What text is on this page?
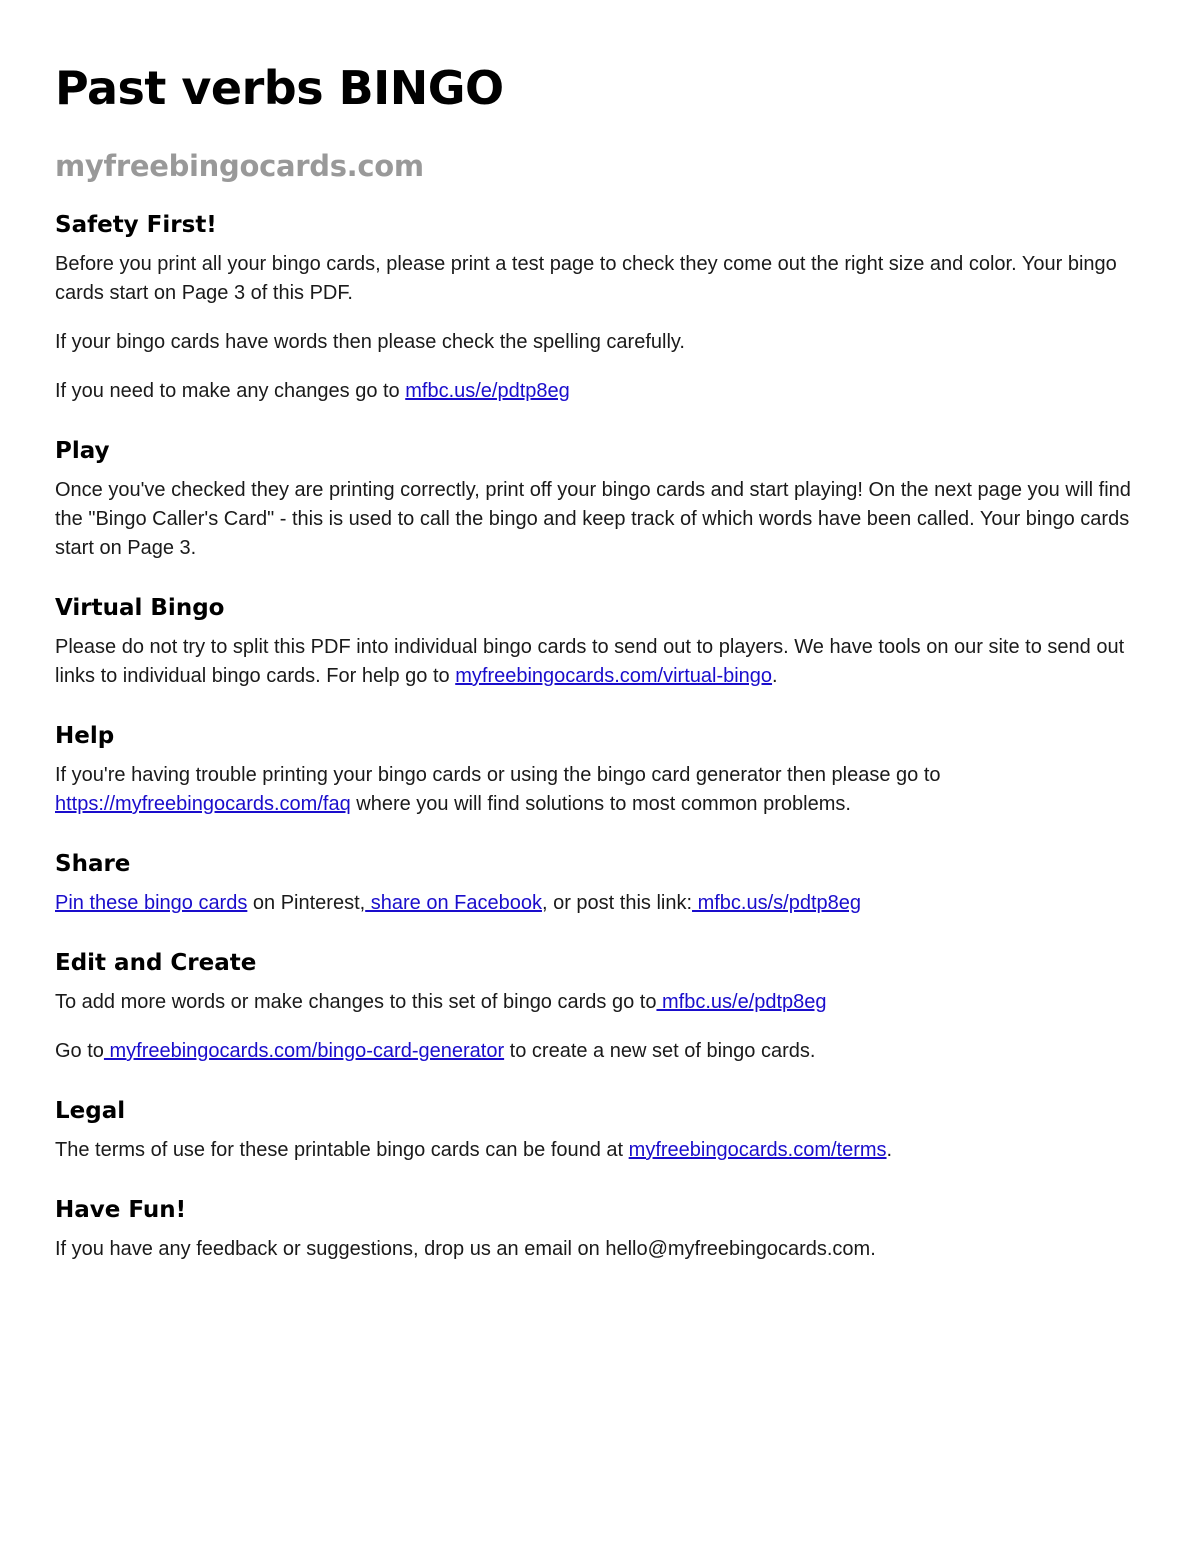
Past verbs BINGO
myfreebingocards.com
Safety First!

Before you print all your bingo cards, please print a test page to check they come out the right size and color. Your bingo cards start on Page 3 of this PDF.

If your bingo cards have words then please check the spelling carefully.

If you need to make any changes go to mfbc.us/e/pdtp8eg

Play

Once you've checked they are printing correctly, print off your bingo cards and start playing! On the next page you will find the "Bingo Caller's Card" - this is used to call the bingo and keep track of which words have been called. Your bingo cards start on Page 3.

Virtual Bingo

Please do not try to split this PDF into individual bingo cards to send out to players. We have tools on our site to send out links to individual bingo cards. For help go to myfreebingocards.com/virtual-bingo.

Help

If you're having trouble printing your bingo cards or using the bingo card generator then please go to https://myfreebingocards.com/faq where you will find solutions to most common problems.

Share

Pin these bingo cards on Pinterest, share on Facebook, or post this link: mfbc.us/s/pdtp8eg

Edit and Create

To add more words or make changes to this set of bingo cards go to mfbc.us/e/pdtp8eg

Go to myfreebingocards.com/bingo-card-generator to create a new set of bingo cards.

Legal

The terms of use for these printable bingo cards can be found at myfreebingocards.com/terms.

Have Fun!

If you have any feedback or suggestions, drop us an email on hello@myfreebingocards.com.
